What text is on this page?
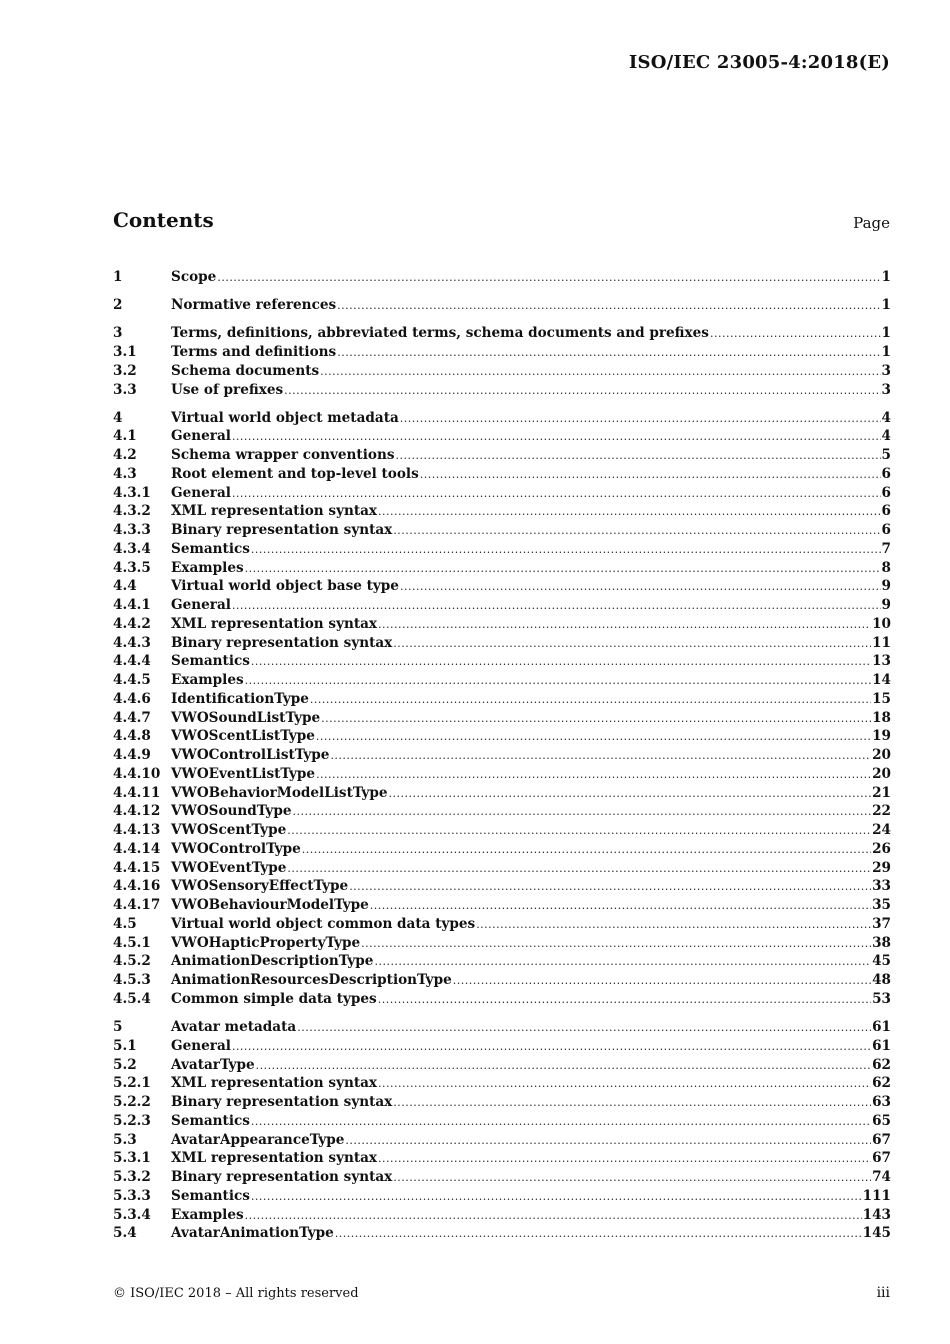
ISO/IEC 23005-4:2018(E)
Contents	Page
1	Scope .....	1
2	Normative references .....	1
3	Terms, definitions, abbreviated terms, schema documents and prefixes .....	1
3.1	Terms and definitions .....	1
3.2	Schema documents .....	3
3.3	Use of prefixes .....	3
4	Virtual world object metadata .....	4
4.1	General .....	4
4.2	Schema wrapper conventions .....	5
4.3	Root element and top-level tools .....	6
4.3.1	General .....	6
4.3.2	XML representation syntax .....	6
4.3.3	Binary representation syntax .....	6
4.3.4	Semantics .....	7
4.3.5	Examples .....	8
4.4	Virtual world object base type .....	9
4.4.1	General .....	9
4.4.2	XML representation syntax .....	10
4.4.3	Binary representation syntax .....	11
4.4.4	Semantics .....	13
4.4.5	Examples .....	14
4.4.6	IdentificationType .....	15
4.4.7	VWOSoundListType .....	18
4.4.8	VWOScentListType .....	19
4.4.9	VWOControlListType .....	20
4.4.10 VWOEventListType .....	20
4.4.11 VWOBehaviorModelListType .....	21
4.4.12 VWOSoundType .....	22
4.4.13 VWOScentType .....	24
4.4.14 VWOControlType .....	26
4.4.15 VWOEventType .....	29
4.4.16 VWOSensoryEffectType .....	33
4.4.17 VWOBehaviourModelType .....	35
4.5	Virtual world object common data types .....	37
4.5.1	VWOHapticPropertyType .....	38
4.5.2	AnimationDescriptionType .....	45
4.5.3	AnimationResourcesDescriptionType .....	48
4.5.4	Common simple data types .....	53
5	Avatar metadata .....	61
5.1	General .....	61
5.2	AvatarType .....	62
5.2.1	XML representation syntax .....	62
5.2.2	Binary representation syntax .....	63
5.2.3	Semantics .....	65
5.3	AvatarAppearanceType .....	67
5.3.1	XML representation syntax .....	67
5.3.2	Binary representation syntax .....	74
5.3.3	Semantics .....	111
5.3.4	Examples .....	143
5.4	AvatarAnimationType .....	145
© ISO/IEC 2018 – All rights reserved	iii
